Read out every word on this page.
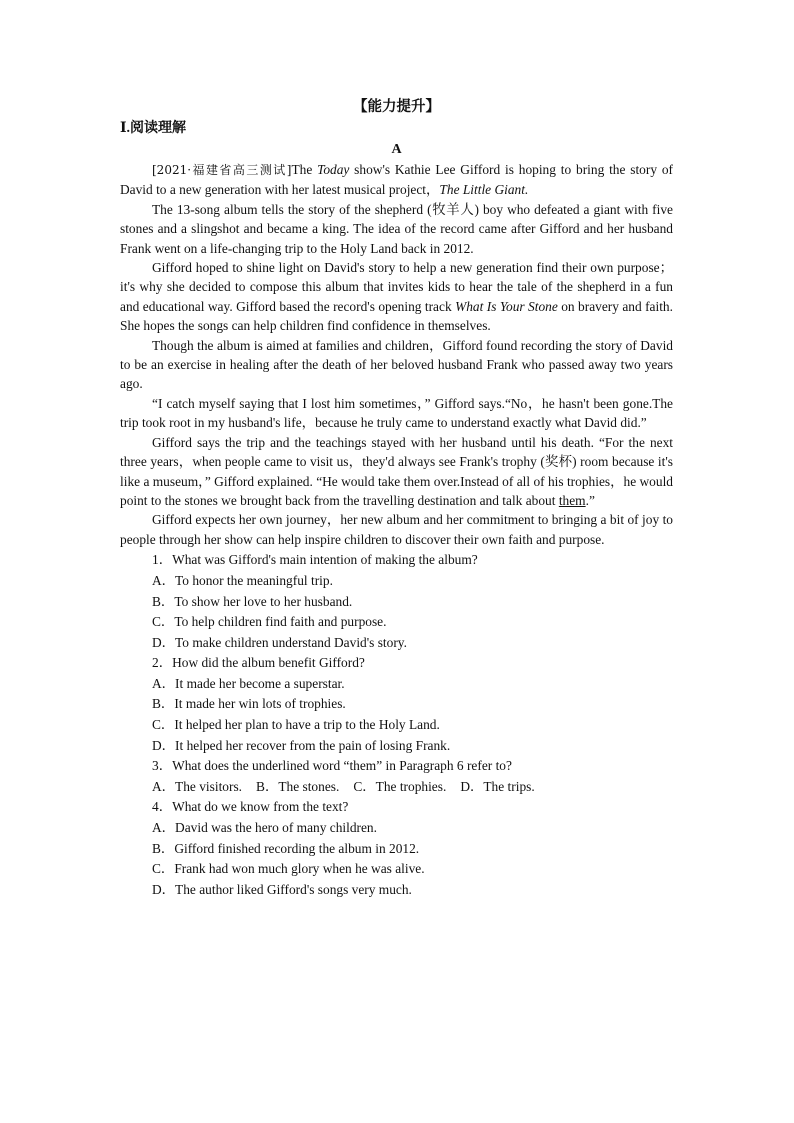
【能力提升】
Ⅰ.阅读理解
A

[2021·福建省高三测试]The Today show's Kathie Lee Gifford is hoping to bring the story of David to a new generation with her latest musical project，The Little Giant.

The 13-song album tells the story of the shepherd (牧羊人) boy who defeated a giant with five stones and a slingshot and became a king. The idea of the record came after Gifford and her husband Frank went on a life-changing trip to the Holy Land back in 2012.

Gifford hoped to shine light on David's story to help a new generation find their own purpose；it's why she decided to compose this album that invites kids to hear the tale of the shepherd in a fun and educational way. Gifford based the record's opening track What Is Your Stone on bravery and faith. She hopes the songs can help children find confidence in themselves.

Though the album is aimed at families and children，Gifford found recording the story of David to be an exercise in healing after the death of her beloved husband Frank who passed away two years ago.

“I catch myself saying that I lost him sometimes，” Gifford says.“No，he hasn't been gone.The trip took root in my husband's life，because he truly came to understand exactly what David did.”

Gifford says the trip and the teachings stayed with her husband until his death. “For the next three years，when people came to visit us，they'd always see Frank's trophy (奖杯) room because it's like a museum，” Gifford explained. “He would take them over.Instead of all of his trophies，he would point to the stones we brought back from the travelling destination and talk about them.”

Gifford expects her own journey，her new album and her commitment to bringing a bit of joy to people through her show can help inspire children to discover their own faith and purpose.

1．What was Gifford's main intention of making the album?
A．To honor the meaningful trip.
B．To show her love to her husband.
C．To help children find faith and purpose.
D．To make children understand David's story.
2．How did the album benefit Gifford?
A．It made her become a superstar.
B．It made her win lots of trophies.
C．It helped her plan to have a trip to the Holy Land.
D．It helped her recover from the pain of losing Frank.
3．What does the underlined word “them” in Paragraph 6 refer to?
A．The visitors. B．The stones. C．The trophies. D．The trips.
4．What do we know from the text?
A．David was the hero of many children.
B．Gifford finished recording the album in 2012.
C．Frank had won much glory when he was alive.
D．The author liked Gifford's songs very much.
